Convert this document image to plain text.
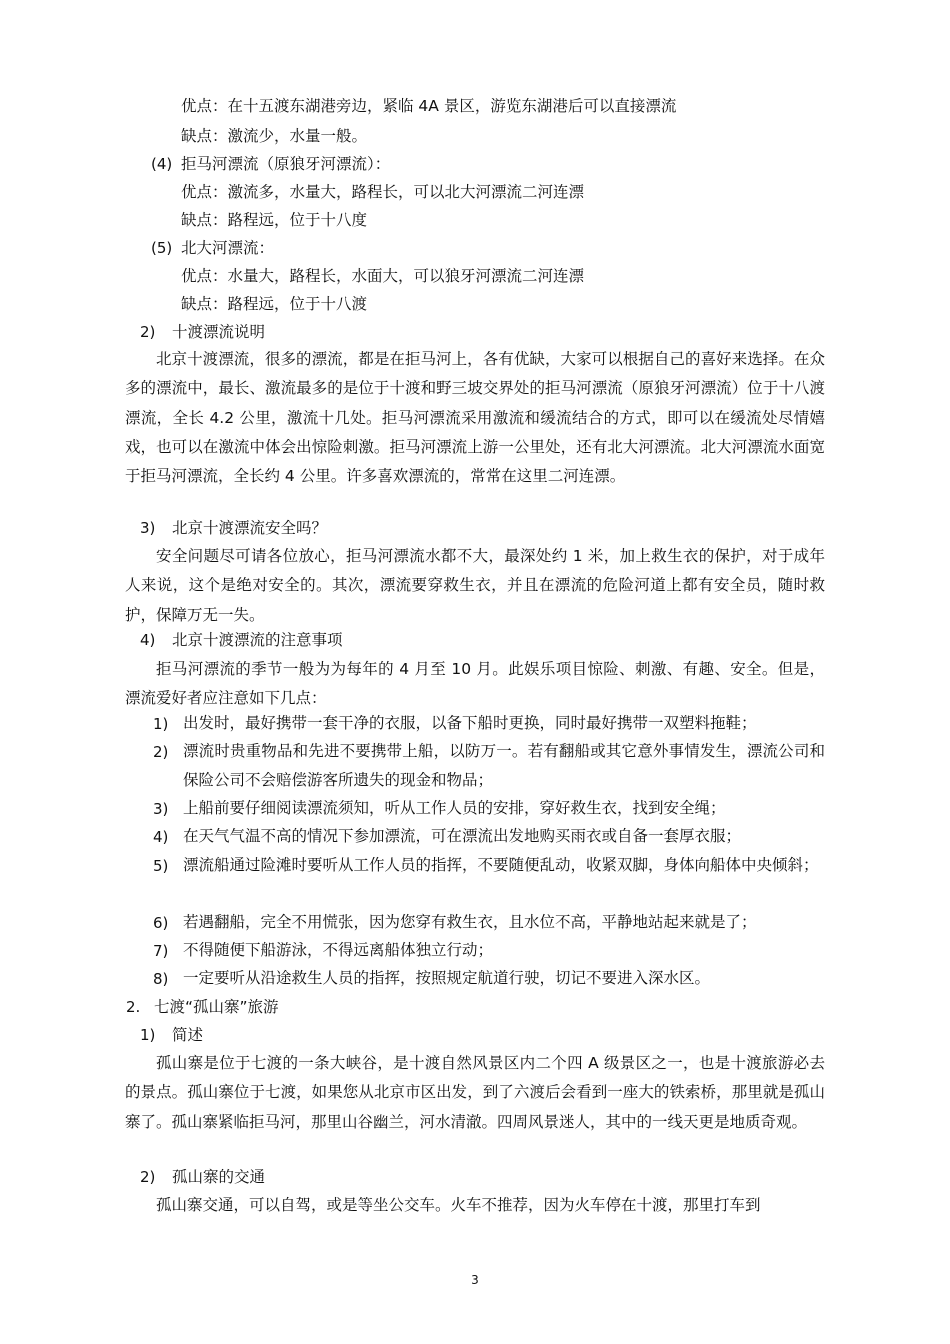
优点：在十五渡东湖港旁边，紧临 4A 景区，游览东湖港后可以直接漂流
缺点：激流少，水量一般。
(4) 拒马河漂流（原狼牙河漂流）：
优点：激流多，水量大，路程长，可以北大河漂流二河连漂
缺点：路程远，位于十八度
(5) 北大河漂流：
优点：水量大，路程长，水面大，可以狼牙河漂流二河连漂
缺点：路程远，位于十八渡
2) 十渡漂流说明
北京十渡漂流，很多的漂流，都是在拒马河上，各有优缺，大家可以根据自己的喜好来选择。在众多的漂流中，最长、激流最多的是位于十渡和野三坡交界处的拒马河漂流（原狼牙河漂流）位于十八渡漂流，全长 4.2 公里，激流十几处。拒马河漂流采用激流和缓流结合的方式，即可以在缓流处尽情嬉戏，也可以在激流中体会出惊险刺激。拒马河漂流上游一公里处，还有北大河漂流。北大河漂流水面宽于拒马河漂流，全长约 4 公里。许多喜欢漂流的，常常在这里二河连漂。
3) 北京十渡漂流安全吗？
安全问题尽可请各位放心，拒马河漂流水都不大，最深处约 1 米，加上救生衣的保护，对于成年人来说，这个是绝对安全的。其次，漂流要穿救生衣，并且在漂流的危险河道上都有安全员，随时救护，保障万无一失。
4) 北京十渡漂流的注意事项
拒马河漂流的季节一般为为每年的 4 月至 10 月。此娱乐项目惊险、刺激、有趣、安全。但是，漂流爱好者应注意如下几点：
1) 出发时，最好携带一套干净的衣服，以备下船时更换，同时最好携带一双塑料拖鞋；
2) 漂流时贵重物品和先进不要携带上船，以防万一。若有翻船或其它意外事情发生，漂流公司和保险公司不会赔偿游客所遗失的现金和物品；
3) 上船前要仔细阅读漂流须知，听从工作人员的安排，穿好救生衣，找到安全绳；
4) 在天气气温不高的情况下参加漂流，可在漂流出发地购买雨衣或自备一套厚衣服；
5) 漂流船通过险滩时要听从工作人员的指挥，不要随便乱动，收紧双脚，身体向船体中央倾斜；
6) 若遇翻船，完全不用慌张，因为您穿有救生衣，且水位不高，平静地站起来就是了；
7) 不得随便下船游泳，不得远离船体独立行动；
8) 一定要听从沿途救生人员的指挥，按照规定航道行驶，切记不要进入深水区。
2. 七渡“孤山寨”旅游
1) 简述
孤山寨是位于七渡的一条大峡谷，是十渡自然风景区内二个四 A 级景区之一，也是十渡旅游必去的景点。孤山寨位于七渡，如果您从北京市区出发，到了六渡后会看到一座大的铁索桥，那里就是孤山寨了。孤山寨紧临拒马河，那里山谷幽兰，河水清澈。四周风景迷人，其中的一线天更是地质奇观。
2) 孤山寨的交通
孤山寨交通，可以自驾，或是等坐公交车。火车不推荐，因为火车停在十渡，那里打车到
3
